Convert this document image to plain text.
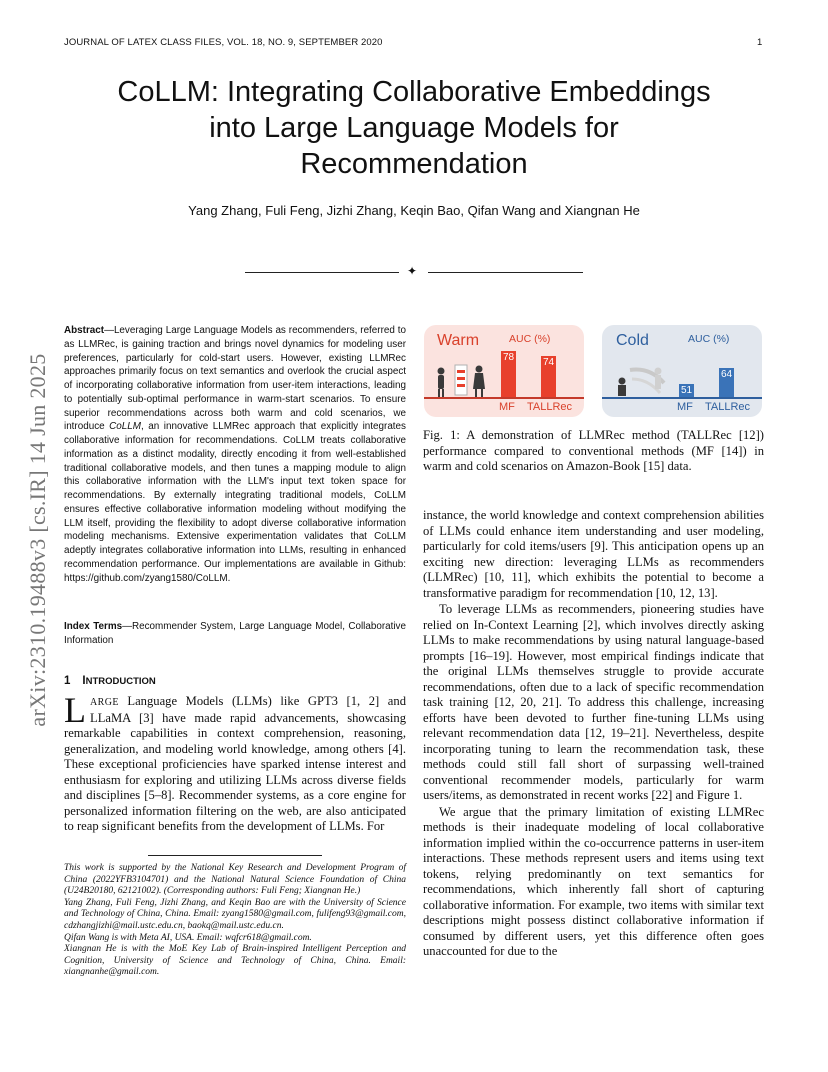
JOURNAL OF LATEX CLASS FILES, VOL. 18, NO. 9, SEPTEMBER 2020	1
CoLLM: Integrating Collaborative Embeddings
into Large Language Models for
Recommendation
Yang Zhang, Fuli Feng, Jizhi Zhang, Keqin Bao, Qifan Wang and Xiangnan He
✦
arXiv:2310.19488v3 [cs.IR] 14 Jun 2025
Abstract—Leveraging Large Language Models as recommenders, referred to as LLMRec, is gaining traction and brings novel dynamics for modeling user preferences, particularly for cold-start users. However, existing LLMRec approaches primarily focus on text semantics and overlook the crucial aspect of incorporating collaborative information from user-item interactions, leading to potentially sub-optimal performance in warm-start scenarios. To ensure superior recommendations across both warm and cold scenarios, we introduce CoLLM, an innovative LLMRec approach that explicitly integrates collaborative information for recommendations. CoLLM treats collaborative information as a distinct modality, directly encoding it from well-established traditional collaborative models, and then tunes a mapping module to align this collaborative information with the LLM's input text token space for recommendations. By externally integrating traditional models, CoLLM ensures effective collaborative information modeling without modifying the LLM itself, providing the flexibility to adopt diverse collaborative information modeling mechanisms. Extensive experimentation validates that CoLLM adeptly integrates collaborative information into LLMs, resulting in enhanced recommendation performance. Our implementations are available in Github: https://github.com/zyang1580/CoLLM.
Index Terms—Recommender System, Large Language Model, Collaborative Information
1 INTRODUCTION
LARGE Language Models (LLMs) like GPT3 [1, 2] and LLaMA [3] have made rapid advancements, showcasing remarkable capabilities in context comprehension, reasoning, generalization, and modeling world knowledge, among others [4]. These exceptional proficiencies have sparked intense interest and enthusiasm for exploring and utilizing LLMs across diverse fields and disciplines [5–8]. Recommender systems, as a core engine for personalized information filtering on the web, are also anticipated to reap significant benefits from the development of LLMs. For

This work is supported by the National Key Research and Development Program of China (2022YFB3104701) and the National Natural Science Foundation of China (U24B20180, 62121002). (Corresponding authors: Fuli Feng; Xiangnan He.)

Yang Zhang, Fuli Feng, Jizhi Zhang, and Keqin Bao are with the University of Science and Technology of China, China. Email: zyang1580@gmail.com, fulifeng93@gmail.com, cdzhangjizhi@mail.ustc.edu.cn, baokq@mail.ustc.edu.cn.

Qifan Wang is with Meta AI, USA. Email: wqfcr618@gmail.com.

Xiangnan He is with the MoE Key Lab of Brain-inspired Intelligent Perception and Cognition, University of Science and Technology of China, China. Email: xiangnanhe@gmail.com.

Warm	Cold
AUC (%)	AUC (%)
78	74
51
64
MF TALLRec	MF TALLRec
Fig. 1: A demonstration of LLMRec method (TALLRec [12]) performance compared to conventional methods (MF [14]) in warm and cold scenarios on Amazon-Book [15] data.

instance, the world knowledge and context comprehension abilities of LLMs could enhance item understanding and user modeling, particularly for cold items/users [9]. This anticipation opens up an exciting new direction: leveraging LLMs as recommenders (LLMRec) [10, 11], which exhibits the potential to become a transformative paradigm for recommendation [10, 12, 13].

To leverage LLMs as recommenders, pioneering studies have relied on In-Context Learning [2], which involves directly asking LLMs to make recommendations by using natural language-based prompts [16–19]. However, most empirical findings indicate that the original LLMs themselves struggle to provide accurate recommendations, often due to a lack of specific recommendation task training [12, 20, 21]. To address this challenge, increasing efforts have been devoted to further fine-tuning LLMs using relevant recommendation data [12, 19–21]. Nevertheless, despite incorporating tuning to learn the recommendation task, these methods could still fall short of surpassing well-trained conventional recommender models, particularly for warm users/items, as demonstrated in recent works [22] and Figure 1.

We argue that the primary limitation of existing LLMRec methods is their inadequate modeling of local collaborative information implied within the co-occurrence patterns in user-item interactions. These methods represent users and items using text tokens, relying predominantly on text semantics for recommendations, which inherently fall short of capturing collaborative information. For example, two items with similar text descriptions might possess distinct collaborative information if consumed by different users, yet this difference often goes unaccounted for due to the
